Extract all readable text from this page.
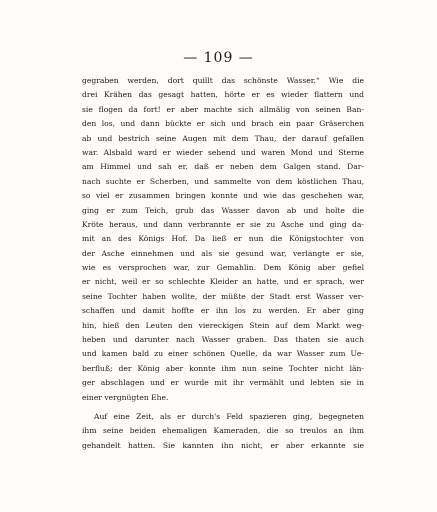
— 109 —
gegraben werden, dort quillt das schönste Wasser.“ Wie die
drei Krähen das gesagt hatten, hörte er es wieder flattern und
sie flogen da fort! er aber machte sich allmälig von seinen Ban-
den los, und dann bückte er sich und brach ein paar Gräserchen
ab und bestrich seine Augen mit dem Thau, der darauf gefallen
war. Alsbald ward er wieder sehend und waren Mond und Sterne
am Himmel und sah er, daß er neben dem Galgen stand. Dar-
nach suchte er Scherben, und sammelte von dem köstlichen Thau,
so viel er zusammen bringen konnte und wie das geschehen war,
ging er zum Teich, grub das Wasser davon ab und holte die
Kröte heraus, und dann verbrannte er sie zu Asche und ging da-
mit an des Königs Hof. Da ließ er nun die Königstochter von
der Asche einnehmen und als sie gesund war, verlangte er sie,
wie es versprochen war, zur Gemahlin. Dem König aber gefiel
er nicht, weil er so schlechte Kleider an hatte, und er sprach, wer
seine Tochter haben wollte, der müßte der Stadt erst Wasser ver-
schaffen und damit hoffte er ihn los zu werden. Er aber ging
hin, hieß den Leuten den viereckigen Stein auf dem Markt weg-
heben und darunter nach Wasser graben. Das thaten sie auch
und kamen bald zu einer schönen Quelle, da war Wasser zum Ue-
berfluß; der König aber konnte ihm nun seine Tochter nicht län-
ger abschlagen und er wurde mit ihr vermählt und lebten sie in
einer vergnügten Ehe.
Auf eine Zeit, als er durch's Feld spazieren ging, begegneten
ihm seine beiden ehemaligen Kameraden, die so treulos an ihm
gehandelt hatten. Sie kannten ihn nicht, er aber erkannte sie
